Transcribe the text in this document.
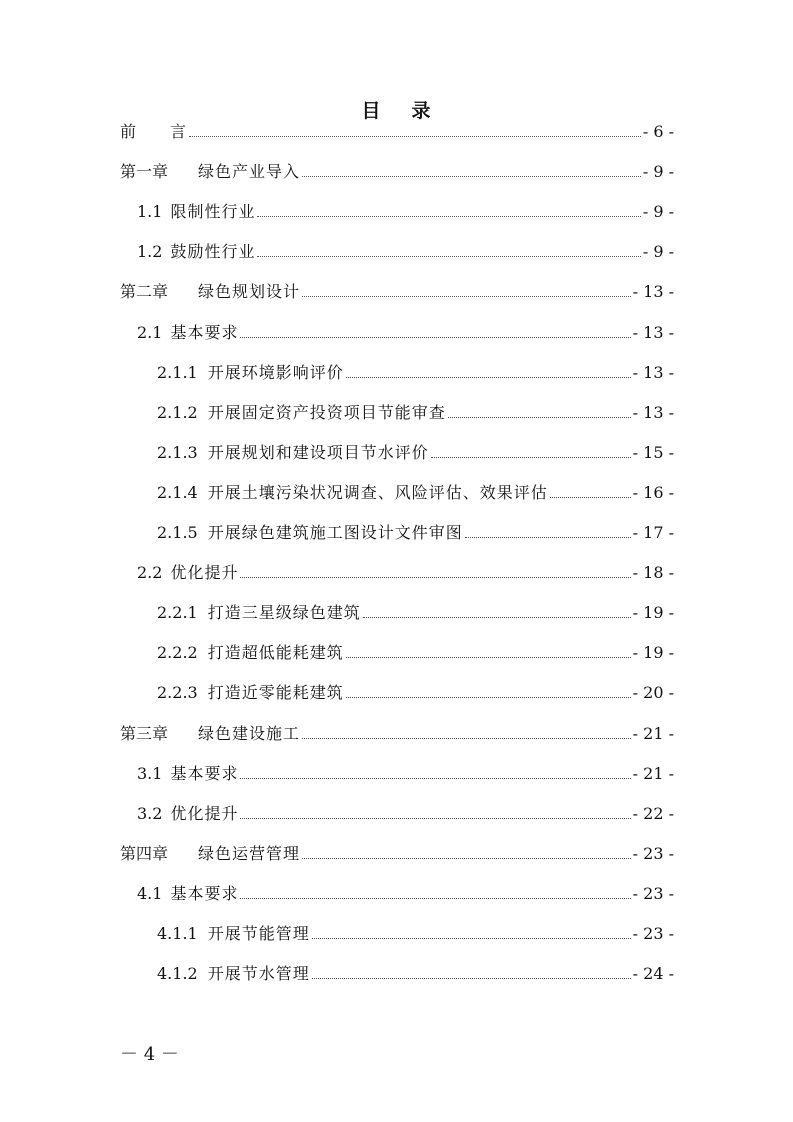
目 录
前 言	- 6 -
第一章 绿色产业导入	- 9 -
1.1 限制性行业	- 9 -
1.2 鼓励性行业	- 9 -
第二章 绿色规划设计	- 13 -
2.1 基本要求	- 13 -
2.1.1 开展环境影响评价	- 13 -
2.1.2 开展固定资产投资项目节能审查	- 13 -
2.1.3 开展规划和建设项目节水评价	- 15 -
2.1.4 开展土壤污染状况调查、风险评估、效果评估	- 16 -
2.1.5 开展绿色建筑施工图设计文件审图	- 17 -
2.2 优化提升	- 18 -
2.2.1 打造三星级绿色建筑	- 19 -
2.2.2 打造超低能耗建筑	- 19 -
2.2.3 打造近零能耗建筑	- 20 -
第三章 绿色建设施工	- 21 -
3.1 基本要求	- 21 -
3.2 优化提升	- 22 -
第四章 绿色运营管理	- 23 -
4.1 基本要求	- 23 -
4.1.1 开展节能管理	- 23 -
4.1.2 开展节水管理	- 24 -
－ 4 －
